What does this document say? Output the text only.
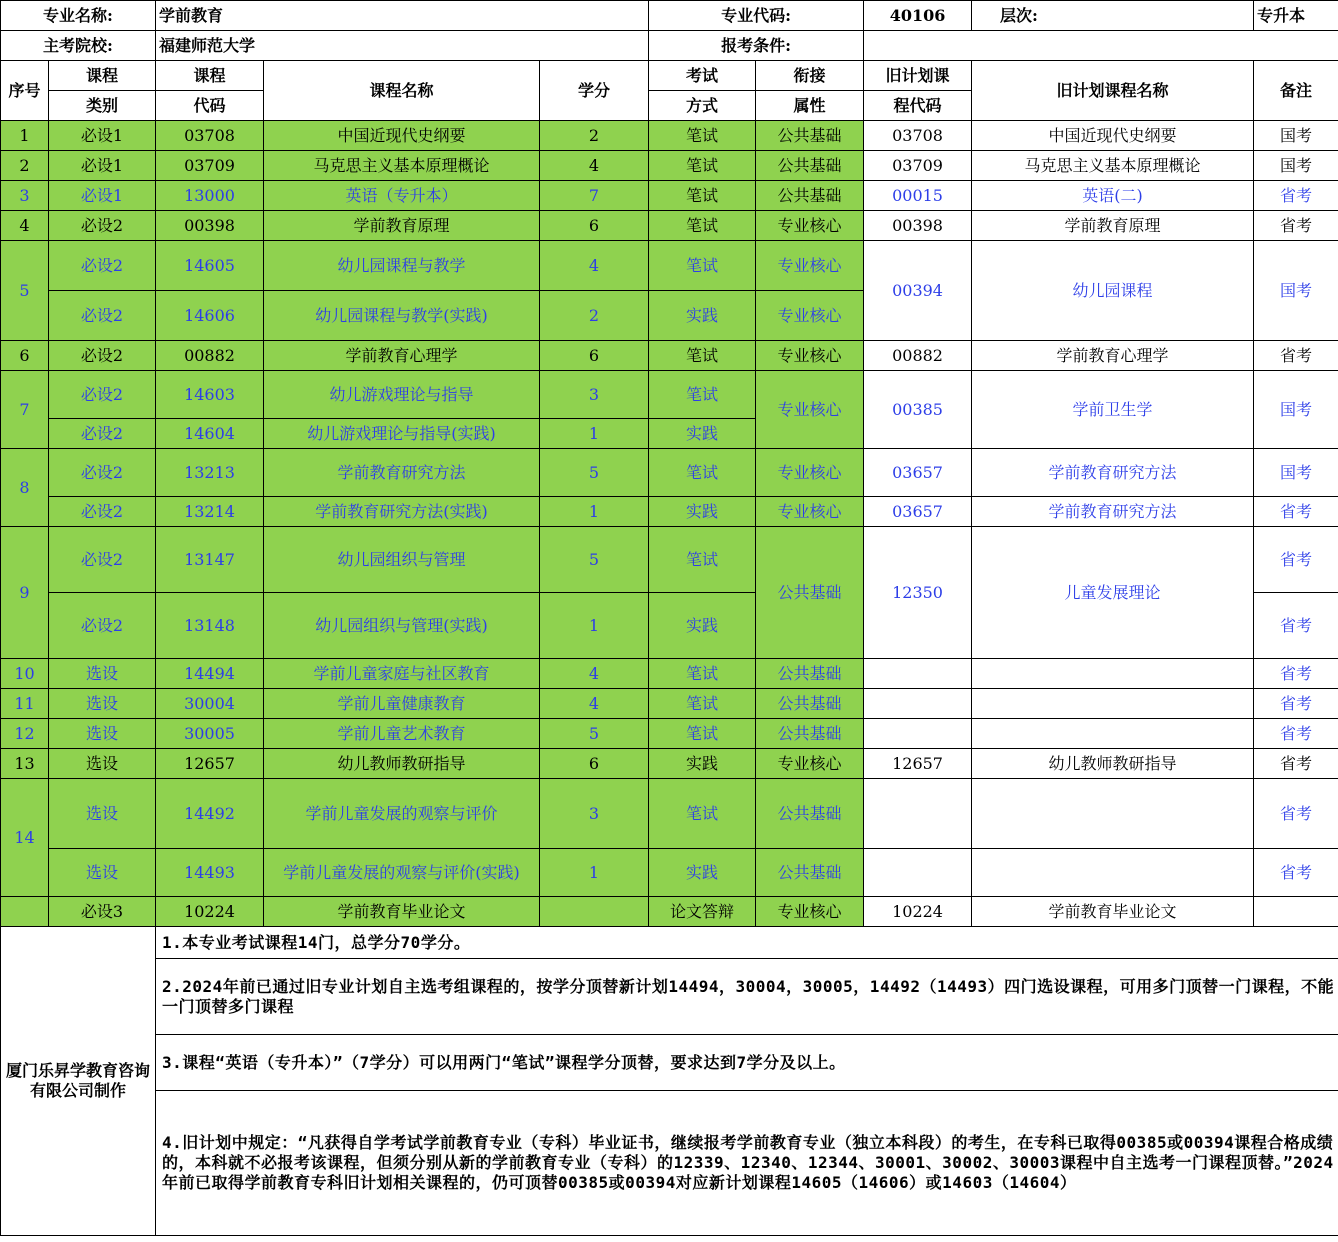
专业名称:		学前教育			专业代码:		40106	层次:	专升本
主考院校:		福建师范大学			报考条件:				
序号	课程	课程	课程名称	学分	考试	衔接	旧计划课	旧计划课程名称	备注
	类别	代码			方式	属性	程代码		
1	必设1	03708	中国近现代史纲要	2	笔试	公共基础	03708	中国近现代史纲要	国考
2	必设1	03709	马克思主义基本原理概论	4	笔试	公共基础	03709	马克思主义基本原理概论	国考
3	必设1	13000	英语（专升本）	7	笔试	公共基础	00015	英语(二)	省考
4	必设2	00398	学前教育原理	6	笔试	专业核心	00398	学前教育原理	省考
5	必设2	14605	幼儿园课程与教学	4	笔试	专业核心	00394	幼儿园课程	国考
	必设2	14606	幼儿园课程与教学(实践)	2	实践	专业核心			
6	必设2	00882	学前教育心理学	6	笔试	专业核心	00882	学前教育心理学	省考
7	必设2	14603	幼儿游戏理论与指导	3	笔试	专业核心	00385	学前卫生学	国考
	必设2	14604	幼儿游戏理论与指导(实践)	1	实践				
8	必设2	13213	学前教育研究方法	5	笔试	专业核心	03657	学前教育研究方法	国考
	必设2	13214	学前教育研究方法(实践)	1	实践	专业核心	03657	学前教育研究方法	省考
9	必设2	13147	幼儿园组织与管理	5	笔试	公共基础	12350	儿童发展理论	省考
	必设2	13148	幼儿园组织与管理(实践)	1	实践				省考
10	选设	14494	学前儿童家庭与社区教育	4	笔试	公共基础			省考
11	选设	30004	学前儿童健康教育	4	笔试	公共基础			省考
12	选设	30005	学前儿童艺术教育	5	笔试	公共基础			省考
13	选设	12657	幼儿教师教研指导	6	实践	专业核心	12657	幼儿教师教研指导	省考
14	选设	14492	学前儿童发展的观察与评价	3	笔试	公共基础			省考
	选设	14493	学前儿童发展的观察与评价(实践)	1	实践	公共基础			省考
	必设3	10224	学前教育毕业论文		论文答辩	专业核心	10224	学前教育毕业论文	
厦门乐昇学教育咨询有限公司制作		1.本专业考试课程14门，总学分70学分。							
		2.2024年前已通过旧专业计划自主选考组课程的，按学分顶替新计划14494，30004，30005，14492（14493）四门选设课程，可用多门顶替一门课程，不能一门顶替多门课程							
		3.课程“英语（专升本）”（7学分）可以用两门“笔试”课程学分顶替，要求达到7学分及以上。							
		4.旧计划中规定：“凡获得自学考试学前教育专业（专科）毕业证书，继续报考学前教育专业（独立本科段）的考生，在专科已取得00385或00394课程合格成绩的，本科就不必报考该课程，但须分别从新的学前教育专业（专科）的12339、12340、12344、30001、30002、30003课程中自主选考一门课程顶替。”2024年前已取得学前教育专科旧计划相关课程的，仍可顶替00385或00394对应新计划课程14605（14606）或14603（14604）							
